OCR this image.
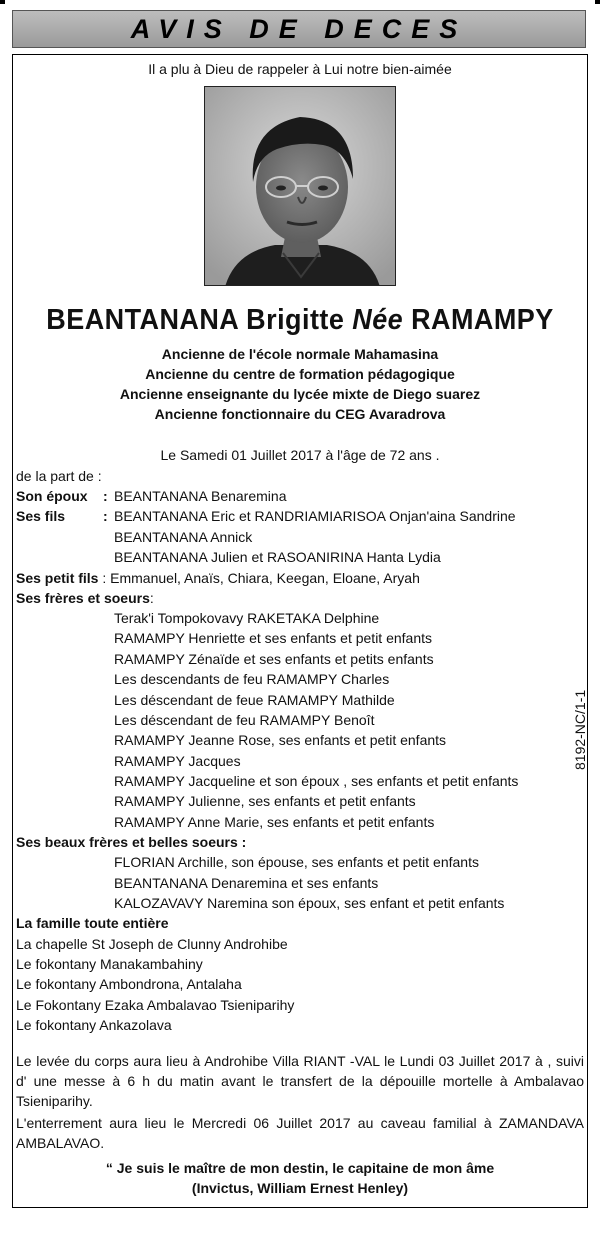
AVIS DE DECES
Il a plu à Dieu de rappeler à Lui notre bien-aimée
BEANTANANA Brigitte Née RAMAMPY
Ancienne de l'école normale Mahamasina
Ancienne du centre de formation pédagogique
Ancienne enseignante du lycée mixte de Diego suarez
Ancienne fonctionnaire du CEG Avaradrova
Le Samedi 01 Juillet 2017 à l'âge de 72 ans .
de la part de :
Son époux : BEANTANANA Benaremina
Ses fils	: BEANTANANA Eric et RANDRIAMIARISOA Onjan'aina Sandrine
BEANTANANA Annick
BEANTANANA Julien et RASOANIRINA Hanta Lydia
Ses petit fils : Emmanuel, Anaïs, Chiara, Keegan, Eloane, Aryah
Ses frères et soeurs:
Terak'i Tompokovavy RAKETAKA Delphine
RAMAMPY Henriette et ses enfants et petit enfants
RAMAMPY Zénaïde et ses enfants et petits enfants
Les descendants de feu RAMAMPY Charles
Les déscendant de feue RAMAMPY Mathilde
Les déscendant de feu RAMAMPY Benoît
RAMAMPY Jeanne Rose, ses enfants et petit enfants
RAMAMPY Jacques
RAMAMPY Jacqueline et son époux , ses enfants et petit enfants
RAMAMPY Julienne, ses enfants et petit enfants
RAMAMPY Anne Marie, ses enfants et petit enfants
Ses beaux frères et belles soeurs :
FLORIAN Archille, son épouse, ses enfants et petit enfants
BEANTANANA Denaremina et ses enfants
KALOZAVAVY Naremina son époux, ses enfant et petit enfants
La famille toute entière
La chapelle St Joseph de Clunny Androhibe
Le fokontany Manakambahiny
Le fokontany Ambondrona, Antalaha
Le Fokontany Ezaka Ambalavao Tsieniparihy
Le fokontany Ankazolava
Le levée du corps aura lieu à Androhibe Villa RIANT -VAL le Lundi 03 Juillet 2017 à , suivi d' une messe à 6 h du matin avant le transfert de la dépouille mortelle à Ambalavao Tsieniparihy.
L'enterrement aura lieu le Mercredi 06 Juillet 2017 au caveau familial à ZAMANDAVA AMBALAVAO.
“ Je suis le maître de mon destin, le capitaine de mon âme
(Invictus, William Ernest Henley)
8192-NC/1-1
